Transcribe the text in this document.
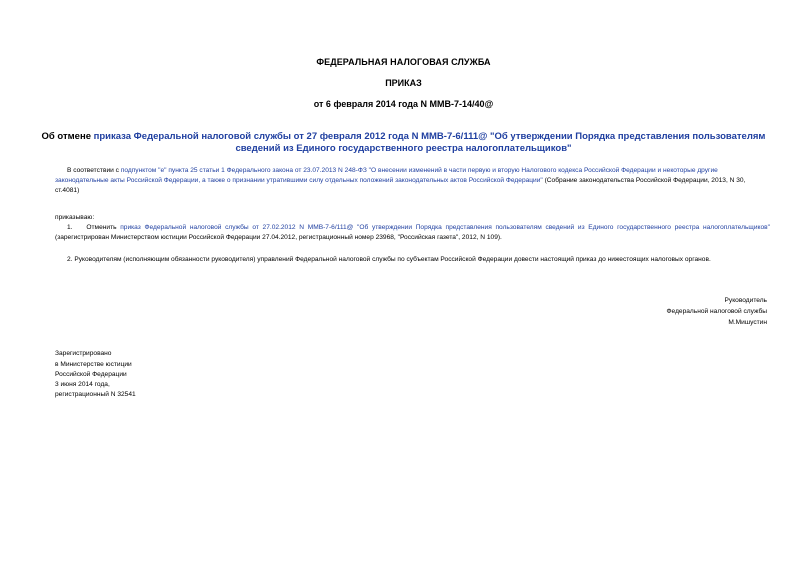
ФЕДЕРАЛЬНАЯ НАЛОГОВАЯ СЛУЖБА
ПРИКАЗ
от 6 февраля 2014 года N ММВ-7-14/40@
Об отмене приказа Федеральной налоговой службы от 27 февраля 2012 года N ММВ-7-6/111@ "Об утверждении Порядка представления пользователям сведений из Единого государственного реестра налогоплательщиков"
В соответствии с подпунктом "е" пункта 25 статьи 1 Федерального закона от 23.07.2013 N 248-ФЗ "О внесении изменений в части первую и вторую Налогового кодекса Российской Федерации и некоторые другие законодательные акты Российской Федерации, а также о признании утратившими силу отдельных положений законодательных актов Российской Федерации" (Собрание законодательства Российской Федерации, 2013, N 30, ст.4081)
приказываю:
1. Отменить приказ Федеральной налоговой службы от 27.02.2012 N ММВ-7-6/111@ "Об утверждении Порядка представления пользователям сведений из Единого государственного реестра налогоплательщиков" (зарегистрирован Министерством юстиции Российской Федерации 27.04.2012, регистрационный номер 23968, "Российская газета", 2012, N 109).
2. Руководителям (исполняющим обязанности руководителя) управлений Федеральной налоговой службы по субъектам Российской Федерации довести настоящий приказ до нижестоящих налоговых органов.
Руководитель
Федеральной налоговой службы
М.Мишустин
Зарегистрировано
в Министерстве юстиции
Российской Федерации
3 июня 2014 года,
регистрационный N 32541
